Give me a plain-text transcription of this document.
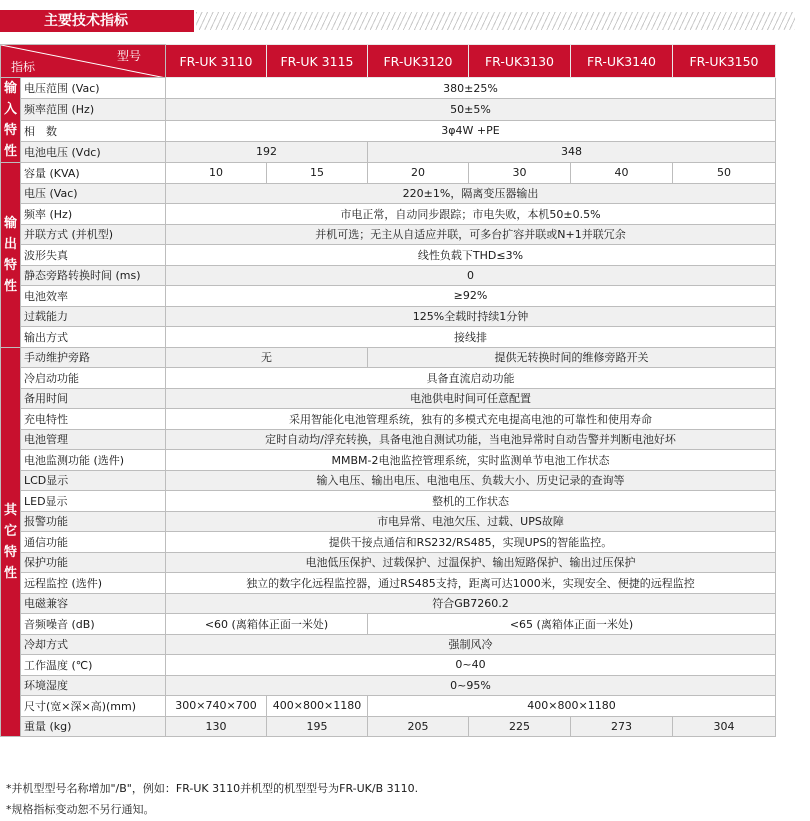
主要技术指标
型号
指标		FR-UK 3110	FR-UK 3115	FR-UK3120	FR-UK3130	FR-UK3140	FR-UK3150

输
入
特
性	电压范围 (Vac)	380±25%					
	频率范围 (Hz)	50±5%					
	相　数	3φ4W +PE					
	电池电压 (Vdc)	192		348			

输
出
特
性	容量 (KVA)	10	15	20	30	40	50
	电压 (Vac)	220±1%，隔离变压器输出					
	频率 (Hz)	市电正常，自动同步跟踪；市电失败，本机50±0.5%					
	并联方式 (并机型)	并机可选；无主从自适应并联，可多台扩容并联或N+1并联冗余					
	波形失真	线性负载下THD≤3%					
	静态旁路转换时间 (ms)	0					
	电池效率	≥92%					
	过载能力	125%全载时持续1分钟					
	输出方式	接线排					

其
它
特
性	手动维护旁路	无		提供无转换时间的维修旁路开关			
	冷启动功能	具备直流启动功能					
	备用时间	电池供电时间可任意配置					
	充电特性	采用智能化电池管理系统，独有的多模式充电提高电池的可靠性和使用寿命					
	电池管理	定时自动均/浮充转换，具备电池自测试功能，当电池异常时自动告警并判断电池好坏					
	电池监测功能 (选件)	MMBM-2电池监控管理系统，实时监测单节电池工作状态					
	LCD显示	输入电压、输出电压、电池电压、负载大小、历史记录的查询等					
	LED显示	整机的工作状态					
	报警功能	市电异常、电池欠压、过载、UPS故障					
	通信功能	提供干接点通信和RS232/RS485，实现UPS的智能监控。					
	保护功能	电池低压保护、过载保护、过温保护、输出短路保护、输出过压保护					
	远程监控 (选件)	独立的数字化远程监控器，通过RS485支持，距离可达1000米，实现安全、便捷的远程监控					
	电磁兼容	符合GB7260.2					
	音频噪音 (dB)	<60 (离箱体正面一米处)		<65 (离箱体正面一米处)			
	冷却方式	强制风冷					
	工作温度 (℃)	0~40					
	环境湿度	0~95%					
	尺寸(宽×深×高)(mm)	300×740×700	400×800×1180	400×800×1180			
	重量 (kg)	130	195	205	225	273	304
*并机型型号名称增加"/B"，例如：FR-UK 3110并机型的机型型号为FR-UK/B 3110.
*规格指标变动恕不另行通知。
